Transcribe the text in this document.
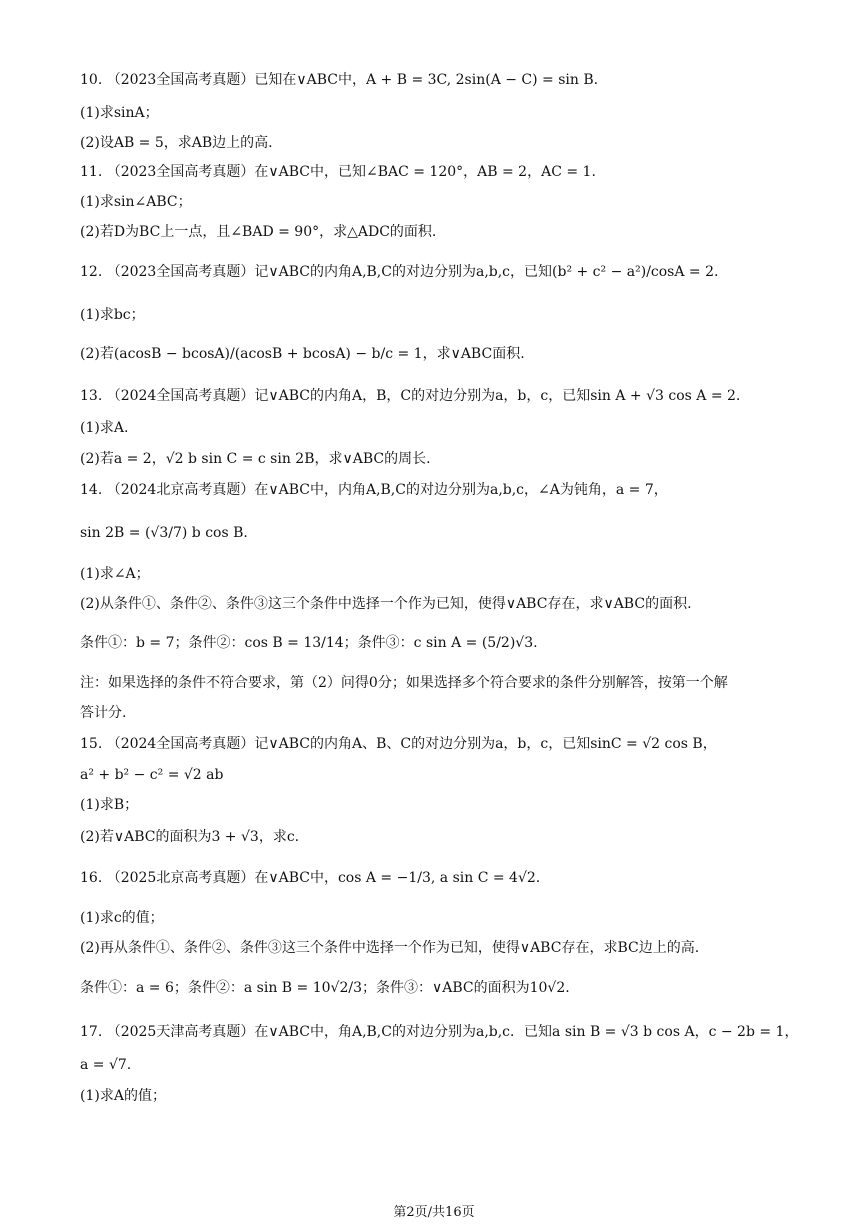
10. （2023全国高考真题）已知在∨ABC中，A + B = 3C, 2sin(A − C) = sin B.
(1)求sinA；
(2)设AB = 5，求AB边上的高.
11. （2023全国高考真题）在∨ABC中，已知∠BAC = 120°，AB = 2，AC = 1.
(1)求sin∠ABC；
(2)若D为BC上一点，且∠BAD = 90°，求△ADC的面积.
12. （2023全国高考真题）记∨ABC的内角A,B,C的对边分别为a,b,c，已知(b² + c² − a²)/cosA = 2.
(1)求bc；
(2)若(acosB − bcosA)/(acosB + bcosA) − b/c = 1，求∨ABC面积.
13. （2024全国高考真题）记∨ABC的内角A，B，C的对边分别为a，b，c，已知sin A + √3 cos A = 2.
(1)求A.
(2)若a = 2，√2 b sin C = c sin 2B，求∨ABC的周长.
14. （2024北京高考真题）在∨ABC中，内角A,B,C的对边分别为a,b,c，∠A为钝角，a = 7，
sin 2B = (√3/7) b cos B.
(1)求∠A；
(2)从条件①、条件②、条件③这三个条件中选择一个作为已知，使得∨ABC存在，求∨ABC的面积.
条件①：b = 7；条件②：cos B = 13/14；条件③：c sin A = (5/2)√3.
注：如果选择的条件不符合要求，第（2）问得0分；如果选择多个符合要求的条件分别解答，按第一个解
答计分.
15. （2024全国高考真题）记∨ABC的内角A、B、C的对边分别为a，b，c，已知sinC = √2 cos B，
a² + b² − c² = √2 ab
(1)求B；
(2)若∨ABC的面积为3 + √3，求c.
16. （2025北京高考真题）在∨ABC中，cos A = −1/3, a sin C = 4√2.
(1)求c的值；
(2)再从条件①、条件②、条件③这三个条件中选择一个作为已知，使得∨ABC存在，求BC边上的高.
条件①：a = 6；条件②：a sin B = 10√2/3；条件③：∨ABC的面积为10√2.
17. （2025天津高考真题）在∨ABC中，角A,B,C的对边分别为a,b,c．已知a sin B = √3 b cos A，c − 2b = 1，
a = √7.
(1)求A的值；
第2页/共16页
